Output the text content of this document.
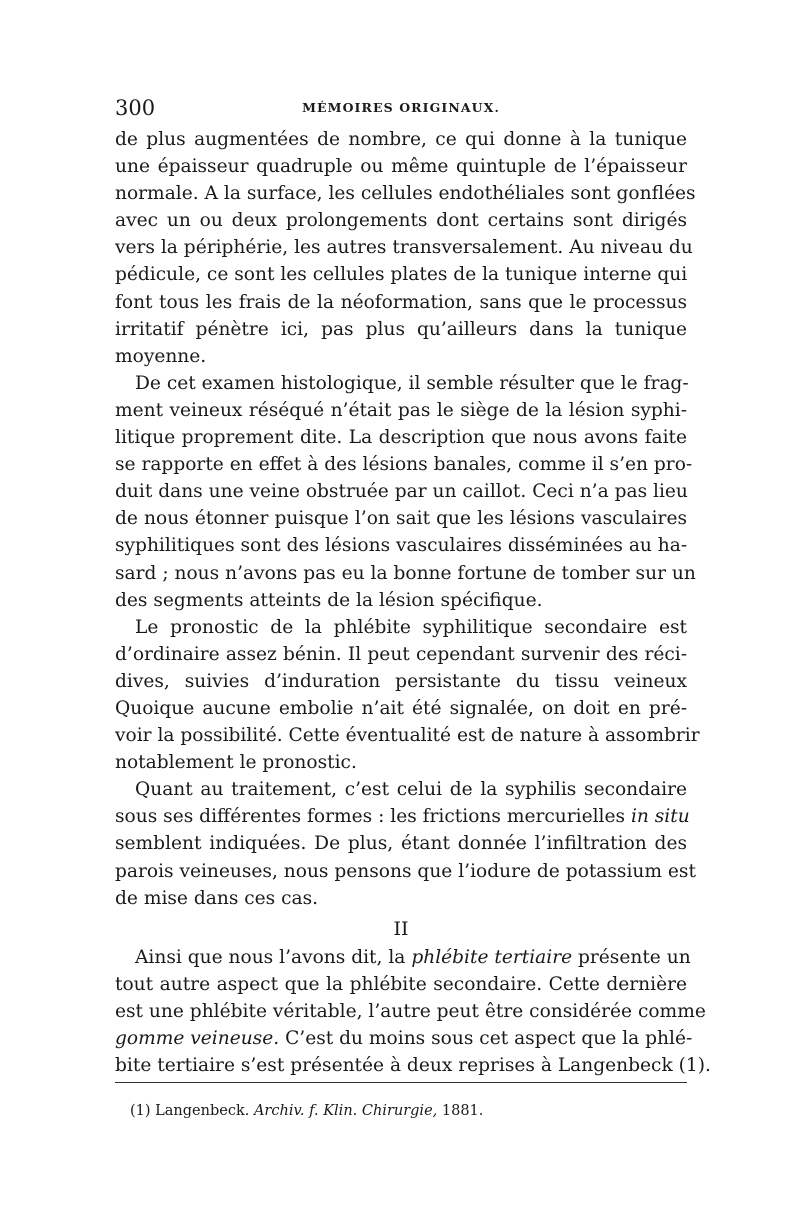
300	MÉMOIRES ORIGINAUX.

de plus augmentées de nombre, ce qui donne à la tunique
une épaisseur quadruple ou même quintuple de l’épaisseur
normale. A la surface, les cellules endothéliales sont gonflées
avec un ou deux prolongements dont certains sont dirigés
vers la périphérie, les autres transversalement. Au niveau du
pédicule, ce sont les cellules plates de la tunique interne qui
font tous les frais de la néoformation, sans que le processus
irritatif pénètre ici, pas plus qu’ailleurs dans la tunique
moyenne.

De cet examen histologique, il semble résulter que le frag-
ment veineux réséqué n’était pas le siège de la lésion syphi-
litique proprement dite. La description que nous avons faite
se rapporte en effet à des lésions banales, comme il s’en pro-
duit dans une veine obstruée par un caillot. Ceci n’a pas lieu
de nous étonner puisque l’on sait que les lésions vasculaires
syphilitiques sont des lésions vasculaires disséminées au ha-
sard ; nous n’avons pas eu la bonne fortune de tomber sur un
des segments atteints de la lésion spécifique.

Le pronostic de la phlébite syphilitique secondaire est
d’ordinaire assez bénin. Il peut cependant survenir des réci-
dives, suivies d’induration persistante du tissu veineux
Quoique aucune embolie n’ait été signalée, on doit en pré-
voir la possibilité. Cette éventualité est de nature à assombrir
notablement le pronostic.

Quant au traitement, c’est celui de la syphilis secondaire
sous ses différentes formes : les frictions mercurielles in situ
semblent indiquées. De plus, étant donnée l’infiltration des
parois veineuses, nous pensons que l’iodure de potassium est
de mise dans ces cas.

II

Ainsi que nous l’avons dit, la phlébite tertiaire présente un
tout autre aspect que la phlébite secondaire. Cette dernière
est une phlébite véritable, l’autre peut être considérée comme
gomme veineuse. C’est du moins sous cet aspect que la phlé-
bite tertiaire s’est présentée à deux reprises à Langenbeck (1).

(1) Langenbeck. Archiv. f. Klin. Chirurgie, 1881.
